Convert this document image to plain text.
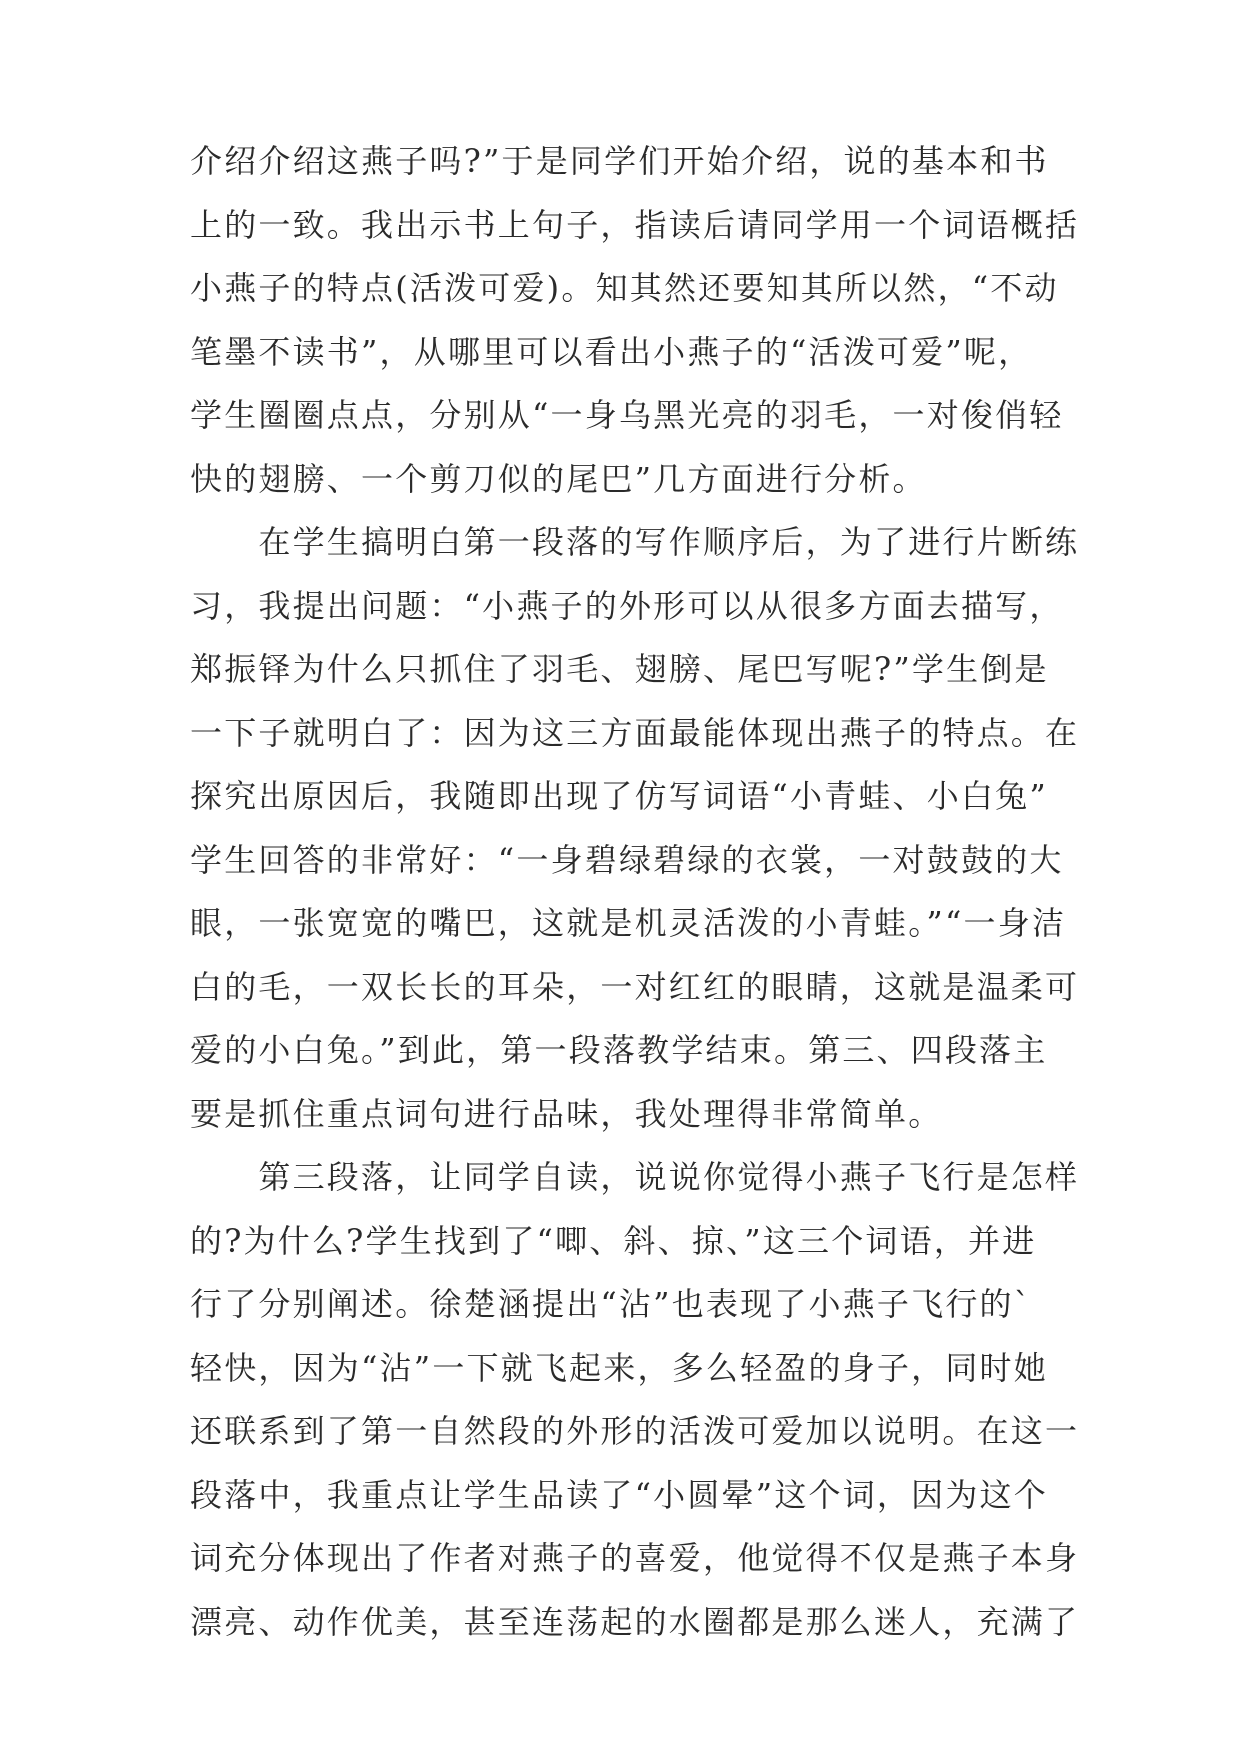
介绍介绍这燕子吗?”于是同学们开始介绍，说的基本和书
上的一致。我出示书上句子，指读后请同学用一个词语概括
小燕子的特点(活泼可爱)。知其然还要知其所以然，“不动
笔墨不读书”，从哪里可以看出小燕子的“活泼可爱”呢，
学生圈圈点点，分别从“一身乌黑光亮的羽毛，一对俊俏轻
快的翅膀、一个剪刀似的尾巴”几方面进行分析。
　　在学生搞明白第一段落的写作顺序后，为了进行片断练
习，我提出问题：“小燕子的外形可以从很多方面去描写，
郑振铎为什么只抓住了羽毛、翅膀、尾巴写呢?”学生倒是
一下子就明白了：因为这三方面最能体现出燕子的特点。在
探究出原因后，我随即出现了仿写词语“小青蛙、小白兔”
学生回答的非常好：“一身碧绿碧绿的衣裳，一对鼓鼓的大
眼，一张宽宽的嘴巴，这就是机灵活泼的小青蛙。”“一身洁
白的毛，一双长长的耳朵，一对红红的眼睛，这就是温柔可
爱的小白兔。”到此，第一段落教学结束。第三、四段落主
要是抓住重点词句进行品味，我处理得非常简单。
　　第三段落，让同学自读，说说你觉得小燕子飞行是怎样
的?为什么?学生找到了“唧、斜、掠、”这三个词语，并进
行了分别阐述。徐楚涵提出“沾”也表现了小燕子飞行的`
轻快，因为“沾”一下就飞起来，多么轻盈的身子，同时她
还联系到了第一自然段的外形的活泼可爱加以说明。在这一
段落中，我重点让学生品读了“小圆晕”这个词，因为这个
词充分体现出了作者对燕子的喜爱，他觉得不仅是燕子本身
漂亮、动作优美，甚至连荡起的水圈都是那么迷人，充满了
